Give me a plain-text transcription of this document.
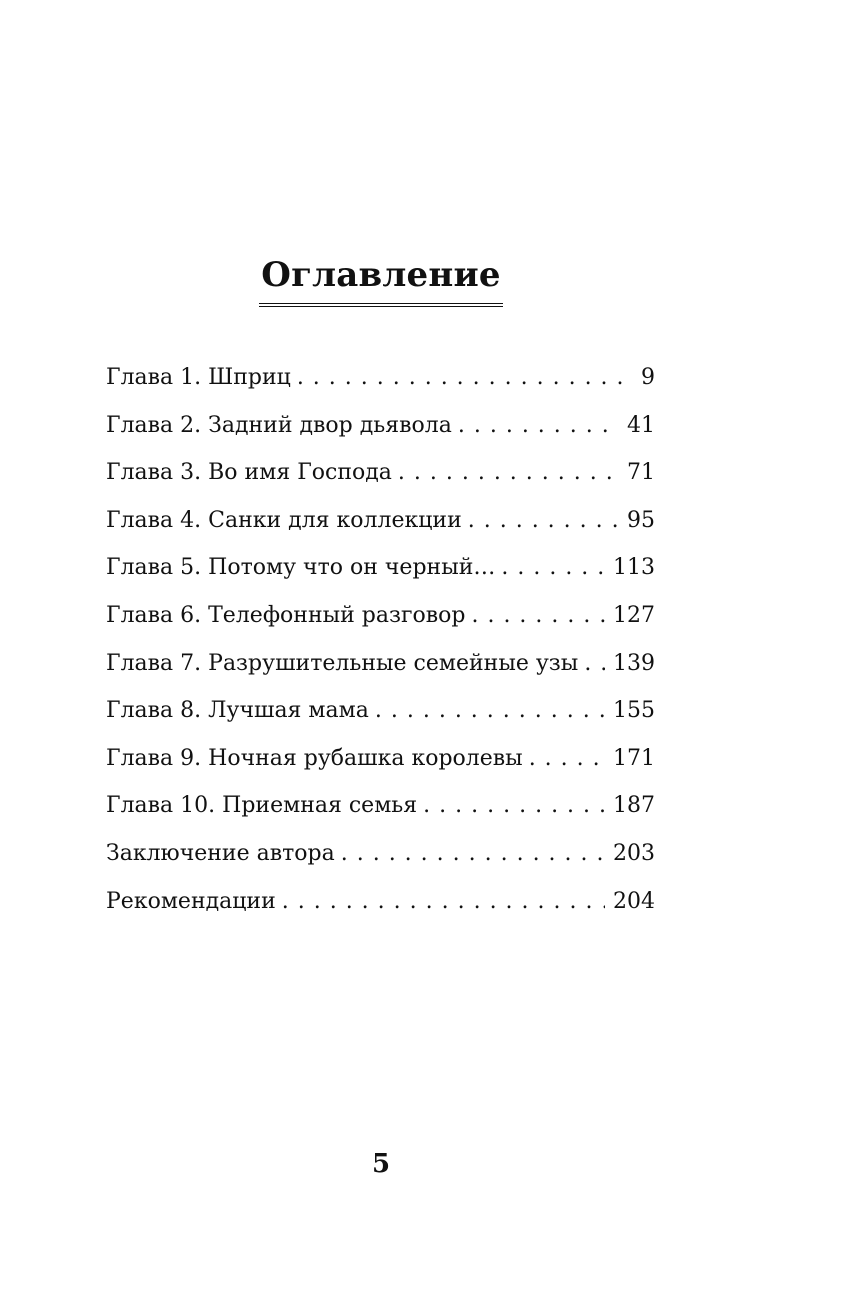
Оглавление
Глава 1. Шприц . . .	9
Глава 2. Задний двор дьявола . . .	41
Глава 3. Во имя Господа . . .	71
Глава 4. Санки для коллекции . . .	95
Глава 5. Потому что он черный… . . .	113
Глава 6. Телефонный разговор . . .	127
Глава 7. Разрушительные семейные узы . . . 139
Глава 8. Лучшая мама . . .	155
Глава 9. Ночная рубашка королевы . . .	171
Глава 10. Приемная семья . . .	187
Заключение автора . . .	203
Рекомендации . . .	204
5
